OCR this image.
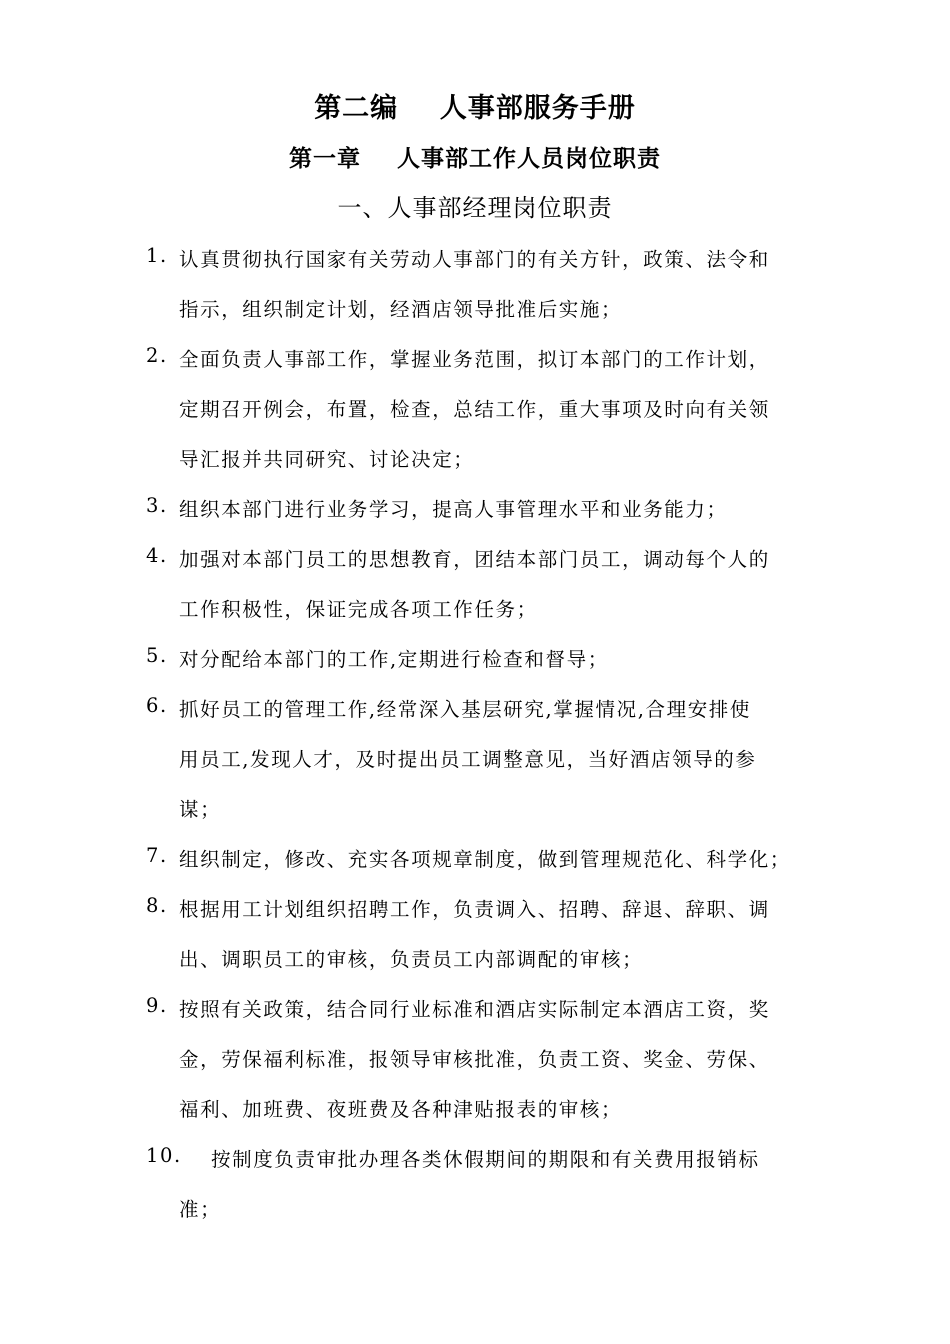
第二编    人事部服务手册
第一章    人事部工作人员岗位职责
一、人事部经理岗位职责
1. 认真贯彻执行国家有关劳动人事部门的有关方针，政策、法令和
指示，组织制定计划，经酒店领导批准后实施；
2. 全面负责人事部工作，掌握业务范围，拟订本部门的工作计划，
定期召开例会，布置，检查，总结工作，重大事项及时向有关领
导汇报并共同研究、讨论决定；
3. 组织本部门进行业务学习，提高人事管理水平和业务能力；
4. 加强对本部门员工的思想教育，团结本部门员工，调动每个人的
工作积极性，保证完成各项工作任务；
5. 对分配给本部门的工作,定期进行检查和督导；
6. 抓好员工的管理工作,经常深入基层研究,掌握情况,合理安排使
用员工,发现人才，及时提出员工调整意见，当好酒店领导的参
谋；
7. 组织制定，修改、充实各项规章制度，做到管理规范化、科学化；
8. 根据用工计划组织招聘工作，负责调入、招聘、辞退、辞职、调
出、调职员工的审核，负责员工内部调配的审核；
9. 按照有关政策，结合同行业标准和酒店实际制定本酒店工资，奖
金，劳保福利标准，报领导审核批准，负责工资、奖金、劳保、
福利、加班费、夜班费及各种津贴报表的审核；
10. 按制度负责审批办理各类休假期间的期限和有关费用报销标
准；
